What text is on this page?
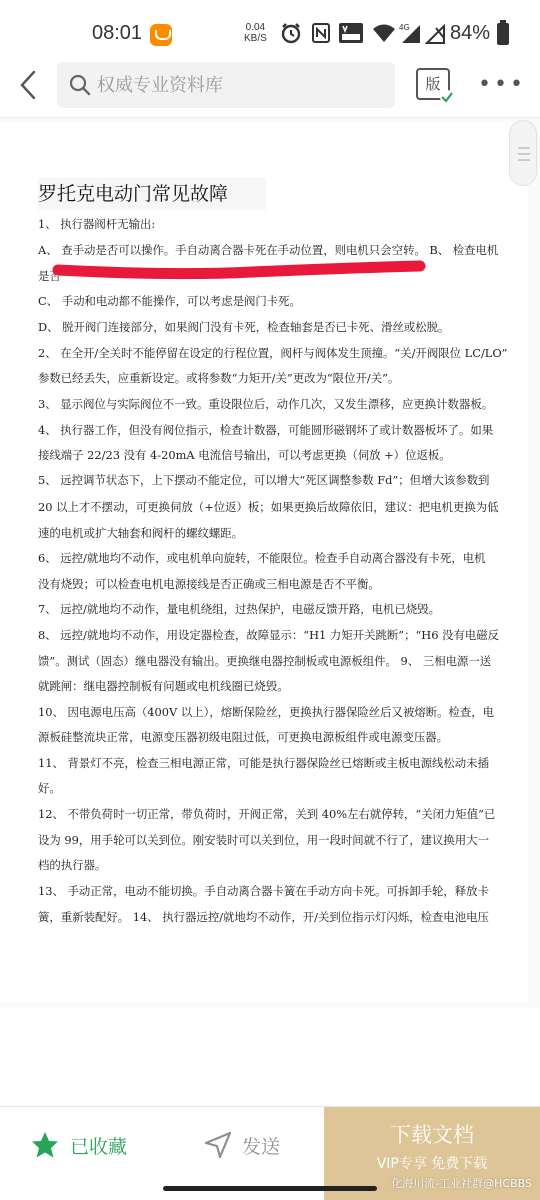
08:01	0.04
KB/S
4G 84%
权威专业资料库
版	•••
罗托克电动门常见故障
1、 执行器阀杆无输出:
A、 查手动是否可以操作。手自动离合器卡死在手动位置，则电机只会空转。 B、 检查电机
是否
C、 手动和电动都不能操作，可以考虑是阀门卡死。
D、 脱开阀门连接部分，如果阀门没有卡死，检查轴套是否已卡死、滑丝或松脱。
2、 在全开/全关时不能停留在设定的行程位置，阀杆与阀体发生顶撞。“关/开阀限位 LC/LO”
参数已经丢失，应重新设定。或将参数“力矩开/关”更改为“限位开/关”。
3、 显示阀位与实际阀位不一致。重设限位后，动作几次，又发生漂移，应更换计数器板。
4、 执行器工作，但没有阀位指示，检查计数器，可能圆形磁钢坏了或计数器板坏了。如果
接线端子 22/23 没有 4-20mA 电流信号输出，可以考虑更换（伺放 +）位返板。
5、 远控调节状态下，上下摆动不能定位，可以增大“死区调整参数 Fd”；但增大该参数到
20 以上才不摆动，可更换伺放（+位返）板；如果更换后故障依旧，建议：把电机更换为低
速的电机或扩大轴套和阀杆的螺纹螺距。
6、 远控/就地均不动作，或电机单向旋转，不能限位。检查手自动离合器没有卡死，电机
没有烧毁；可以检查电机电源接线是否正确或三相电源是否不平衡。
7、 远控/就地均不动作，量电机绕组，过热保护，电磁反馈开路，电机已烧毁。
8、 远控/就地均不动作，用设定器检查，故障显示：“H1 力矩开关跳断”；“H6 没有电磁反
馈”。测试（固态）继电器没有输出。更换继电器控制板或电源板组件。 9、 三相电源一送
就跳闸：继电器控制板有问题或电机线圈已烧毁。
10、 因电源电压高（400V 以上），熔断保险丝，更换执行器保险丝后又被熔断。检查，电
源板硅整流块正常，电源变压器初级电阻过低，可更换电源板组件或电源变压器。
11、 背景灯不亮，检查三相电源正常，可能是执行器保险丝已熔断或主板电源线松动未插
好。
12、 不带负荷时一切正常，带负荷时，开阀正常，关到 40%左右就停转，“关闭力矩值”已
设为 99，用手轮可以关到位。刚安装时可以关到位，用一段时间就不行了，建议换用大一
档的执行器。
13、 手动正常，电动不能切换。手自动离合器卡簧在手动方向卡死。可拆卸手轮，释放卡
簧，重新装配好。 14、 执行器远控/就地均不动作，开/关到位指示灯闪烁，检查电池电压
已收藏	发送	下载文档
VIP专享 免费下载
化海川流-工业社群@HCBBS
